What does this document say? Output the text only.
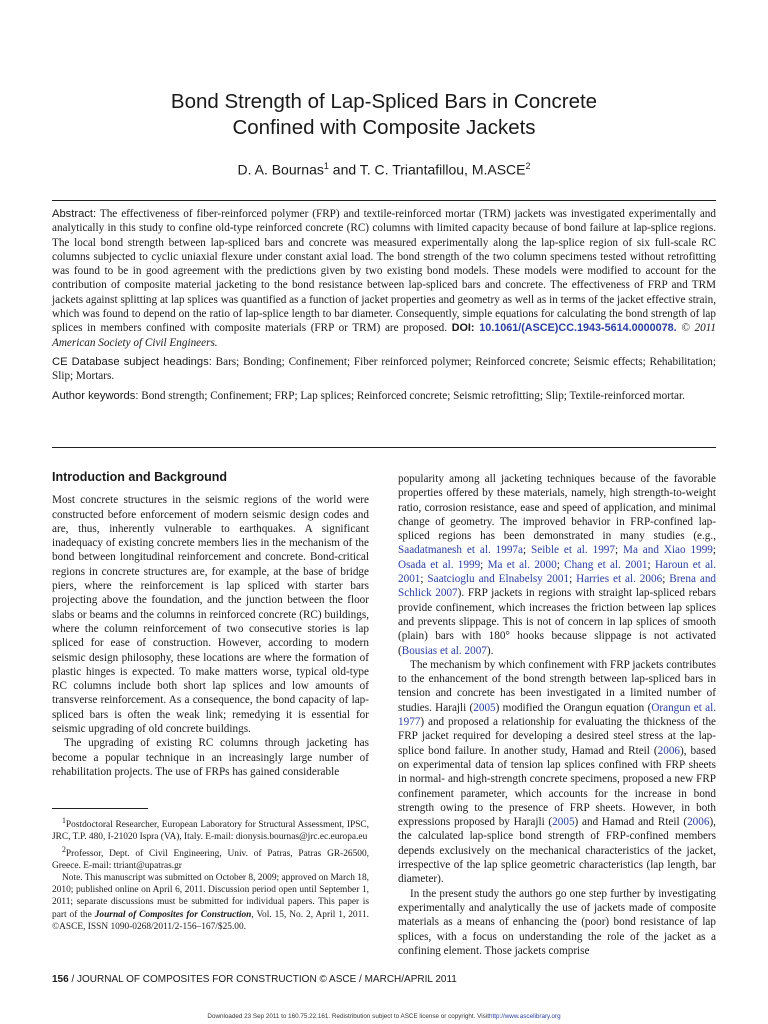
Bond Strength of Lap-Spliced Bars in Concrete
Confined with Composite Jackets
D. A. Bournas$^1$ and T. C. Triantafillou, M.ASCE$^2$

Abstract: The effectiveness of fiber-reinforced polymer (FRP) and textile-reinforced mortar (TRM) jackets was investigated experimentally and analytically in this study to confine old-type reinforced concrete (RC) columns with limited capacity because of bond failure at lap-splice regions. The local bond strength between lap-spliced bars and concrete was measured experimentally along the lap-splice region of six full-scale RC columns subjected to cyclic uniaxial flexure under constant axial load. The bond strength of the two column specimens tested without retrofitting was found to be in good agreement with the predictions given by two existing bond models. These models were modified to account for the contribution of composite material jacketing to the bond resistance between lap-spliced bars and concrete. The effectiveness of FRP and TRM jackets against splitting at lap splices was quantified as a function of jacket properties and geometry as well as in terms of the jacket effective strain, which was found to depend on the ratio of lap-splice length to bar diameter. Consequently, simple equations for calculating the bond strength of lap splices in members confined with composite materials (FRP or TRM) are proposed. DOI: 10.1061/(ASCE)CC.1943-5614.0000078. © 2011 American Society of Civil Engineers.

CE Database subject headings: Bars; Bonding; Confinement; Fiber reinforced polymer; Reinforced concrete; Seismic effects; Rehabilitation; Slip; Mortars.

Author keywords: Bond strength; Confinement; FRP; Lap splices; Reinforced concrete; Seismic retrofitting; Slip; Textile-reinforced mortar.

Introduction and Background

Most concrete structures in the seismic regions of the world were constructed before enforcement of modern seismic design codes and are, thus, inherently vulnerable to earthquakes. A significant inadequacy of existing concrete members lies in the mechanism of the bond between longitudinal reinforcement and concrete. Bond-critical regions in concrete structures are, for example, at the base of bridge piers, where the reinforcement is lap spliced with starter bars projecting above the foundation, and the junction between the floor slabs or beams and the columns in reinforced concrete (RC) buildings, where the column reinforcement of two consecutive stories is lap spliced for ease of construction. However, according to modern seismic design philosophy, these locations are where the formation of plastic hinges is expected. To make matters worse, typical old-type RC columns include both short lap splices and low amounts of transverse reinforcement. As a consequence, the bond capacity of lap-spliced bars is often the weak link; remedying it is essential for seismic upgrading of old concrete buildings.

The upgrading of existing RC columns through jacketing has become a popular technique in an increasingly large number of rehabilitation projects. The use of FRPs has gained considerable

$^1$Postdoctoral Researcher, European Laboratory for Structural Assessment, IPSC, JRC, T.P. 480, I-21020 Ispra (VA), Italy. E-mail: dionysis.bournas@jrc.ec.europa.eu

$^2$Professor, Dept. of Civil Engineering, Univ. of Patras, Patras GR-26500, Greece. E-mail: ttriant@upatras.gr

Note. This manuscript was submitted on October 8, 2009; approved on March 18, 2010; published online on April 6, 2011. Discussion period open until September 1, 2011; separate discussions must be submitted for individual papers. This paper is part of the Journal of Composites for Construction, Vol. 15, No. 2, April 1, 2011. ©ASCE, ISSN 1090-0268/2011/2-156–167/$25.00.

popularity among all jacketing techniques because of the favorable properties offered by these materials, namely, high strength-to-weight ratio, corrosion resistance, ease and speed of application, and minimal change of geometry. The improved behavior in FRP-confined lap-spliced regions has been demonstrated in many studies (e.g., Saadatmanesh et al. 1997a; Seible et al. 1997; Ma and Xiao 1999; Osada et al. 1999; Ma et al. 2000; Chang et al. 2001; Haroun et al. 2001; Saatcioglu and Elnabelsy 2001; Harries et al. 2006; Brena and Schlick 2007). FRP jackets in regions with straight lap-spliced rebars provide confinement, which increases the friction between lap splices and prevents slippage. This is not of concern in lap splices of smooth (plain) bars with 180° hooks because slippage is not activated (Bousias et al. 2007).

The mechanism by which confinement with FRP jackets contributes to the enhancement of the bond strength between lap-spliced bars in tension and concrete has been investigated in a limited number of studies. Harajli (2005) modified the Orangun equation (Orangun et al. 1977) and proposed a relationship for evaluating the thickness of the FRP jacket required for developing a desired steel stress at the lap-splice bond failure. In another study, Hamad and Rteil (2006), based on experimental data of tension lap splices confined with FRP sheets in normal- and high-strength concrete specimens, proposed a new FRP confinement parameter, which accounts for the increase in bond strength owing to the presence of FRP sheets. However, in both expressions proposed by Harajli (2005) and Hamad and Rteil (2006), the calculated lap-splice bond strength of FRP-confined members depends exclusively on the mechanical characteristics of the jacket, irrespective of the lap splice geometric characteristics (lap length, bar diameter).

In the present study the authors go one step further by investigating experimentally and analytically the use of jackets made of composite materials as a means of enhancing the (poor) bond resistance of lap splices, with a focus on understanding the role of the jacket as a confining element. Those jackets comprise

156 / JOURNAL OF COMPOSITES FOR CONSTRUCTION © ASCE / MARCH/APRIL 2011
Downloaded 23 Sep 2011 to 160.75.22.161. Redistribution subject to ASCE license or copyright. Visithttp://www.ascelibrary.org
